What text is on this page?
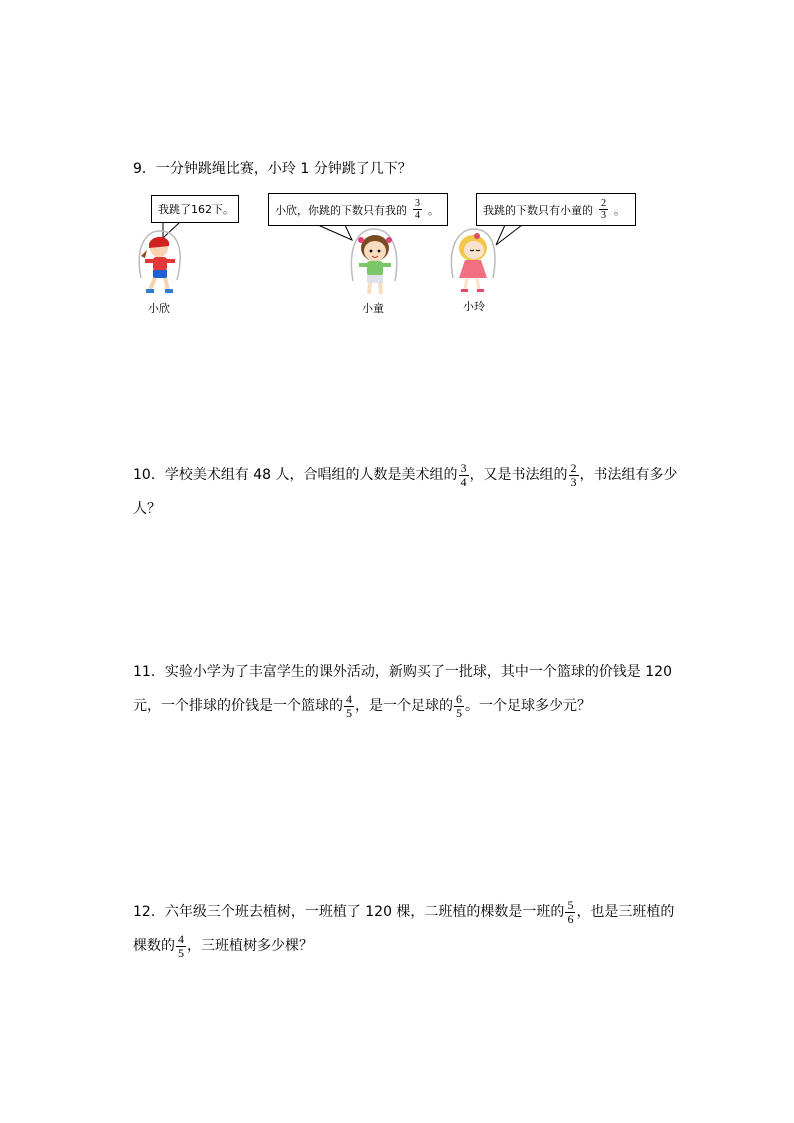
9．一分钟跳绳比赛，小玲 1 分钟跳了几下？
我跳了162下。	小欣，你跳的下数只有我的 $\frac{3}{4}$ 。	我跳的下数只有小童的 $\frac{2}{3}$ 。
小欣	小童	小玲
10．学校美术组有 48 人，合唱组的人数是美术组的 $\frac{3}{4}$ ，又是书法组的 $\frac{2}{3}$ ，书法组有多少人？
11．实验小学为了丰富学生的课外活动，新购买了一批球，其中一个篮球的价钱是 120 元，一个排球的价钱是一个篮球的 $\frac{4}{5}$ ，是一个足球的 $\frac{6}{5}$ 。一个足球多少元？
12．六年级三个班去植树，一班植了 120 棵，二班植的棵数是一班的 $\frac{5}{6}$ ，也是三班植的棵数的 $\frac{4}{5}$ ，三班植树多少棵？
